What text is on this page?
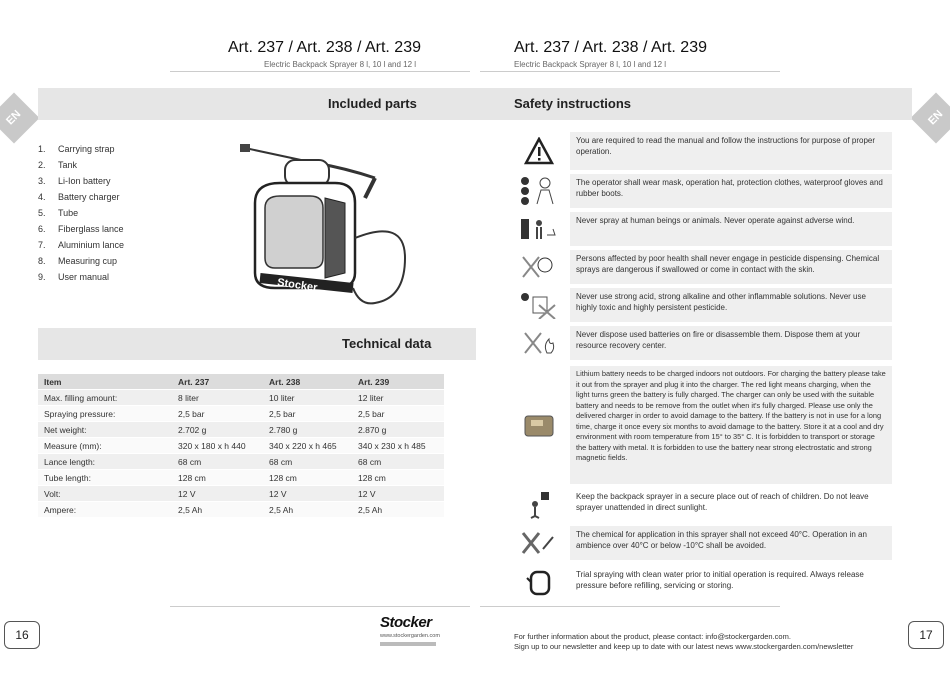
Art. 237 / Art. 238 / Art. 239
Electric Backpack Sprayer 8 l, 10 l and 12 l
Art. 237 / Art. 238 / Art. 239
Electric Backpack Sprayer 8 l, 10 l and 12 l
EN	EN
Included parts	Safety instructions
1.	Carrying strap
2.	Tank
3.	Li-Ion battery
4.	Battery charger
5.	Tube
6.	Fiberglass lance
7.	Aluminium lance
8.	Measuring cup
9.	User manual	Stocker
Technical data
Item	Art. 237	Art. 238	Art. 239
Max. filling amount:	8 liter	10 liter	12 liter
Spraying pressure:	2,5 bar	2,5 bar	2,5 bar
Net weight:	2.702 g	2.780 g	2.870 g
Measure (mm):	320 x 180 x h 440	340 x 220 x h 465	340 x 230 x h 485
Lance length:	68 cm	68 cm	68 cm
Tube length:	128 cm	128 cm	128 cm
Volt:	12 V	12 V	12 V
Ampere:	2,5 Ah	2,5 Ah	2,5 Ah
You are required to read the manual and follow the instructions for purpose of proper operation.
The operator shall wear mask, operation hat, protection clothes, waterproof gloves and rubber boots.
Never spray at human beings or animals. Never operate against adverse wind.
Persons affected by poor health shall never engage in pesticide dispensing. Chemical sprays are dangerous if swallowed or come in contact with the skin.
Never use strong acid, strong alkaline and other inflammable solutions. Never use highly toxic and highly persistent pesticide.
Never dispose used batteries on fire or disassemble them. Dispose them at your resource recovery center.
Lithium battery needs to be charged indoors not outdoors. For charging the battery please take it out from the sprayer and plug it into the charger. The red light means charging, when the light turns green the battery is fully charged. The charger can only be used with the suitable battery and needs to be remove from the outlet when it's fully charged. Please use only the delivered charger in order to avoid damage to the battery. If the battery is not in use for a long time, charge it once every six months to avoid damage to the battery. Store it at a cool and dry environment with room temperature from 15° to 35° C. It is forbidden to transport or storage the battery with metal. It is forbidden to use the battery near strong electrostatic and strong magnetic fields.
Keep the backpack sprayer in a secure place out of reach of children. Do not leave sprayer unattended in direct sunlight.
The chemical for application in this sprayer shall not exceed 40°C. Operation in an ambience over 40°C or below -10°C shall be avoided.
Trial spraying with clean water prior to initial operation is required. Always release pressure before refilling, servicing or storing.
Stocker
www.stockergarden.com	For further information about the product, please contact: info@stockergarden.com.
Sign up to our newsletter and keep up to date with our latest news www.stockergarden.com/newsletter
16	17
